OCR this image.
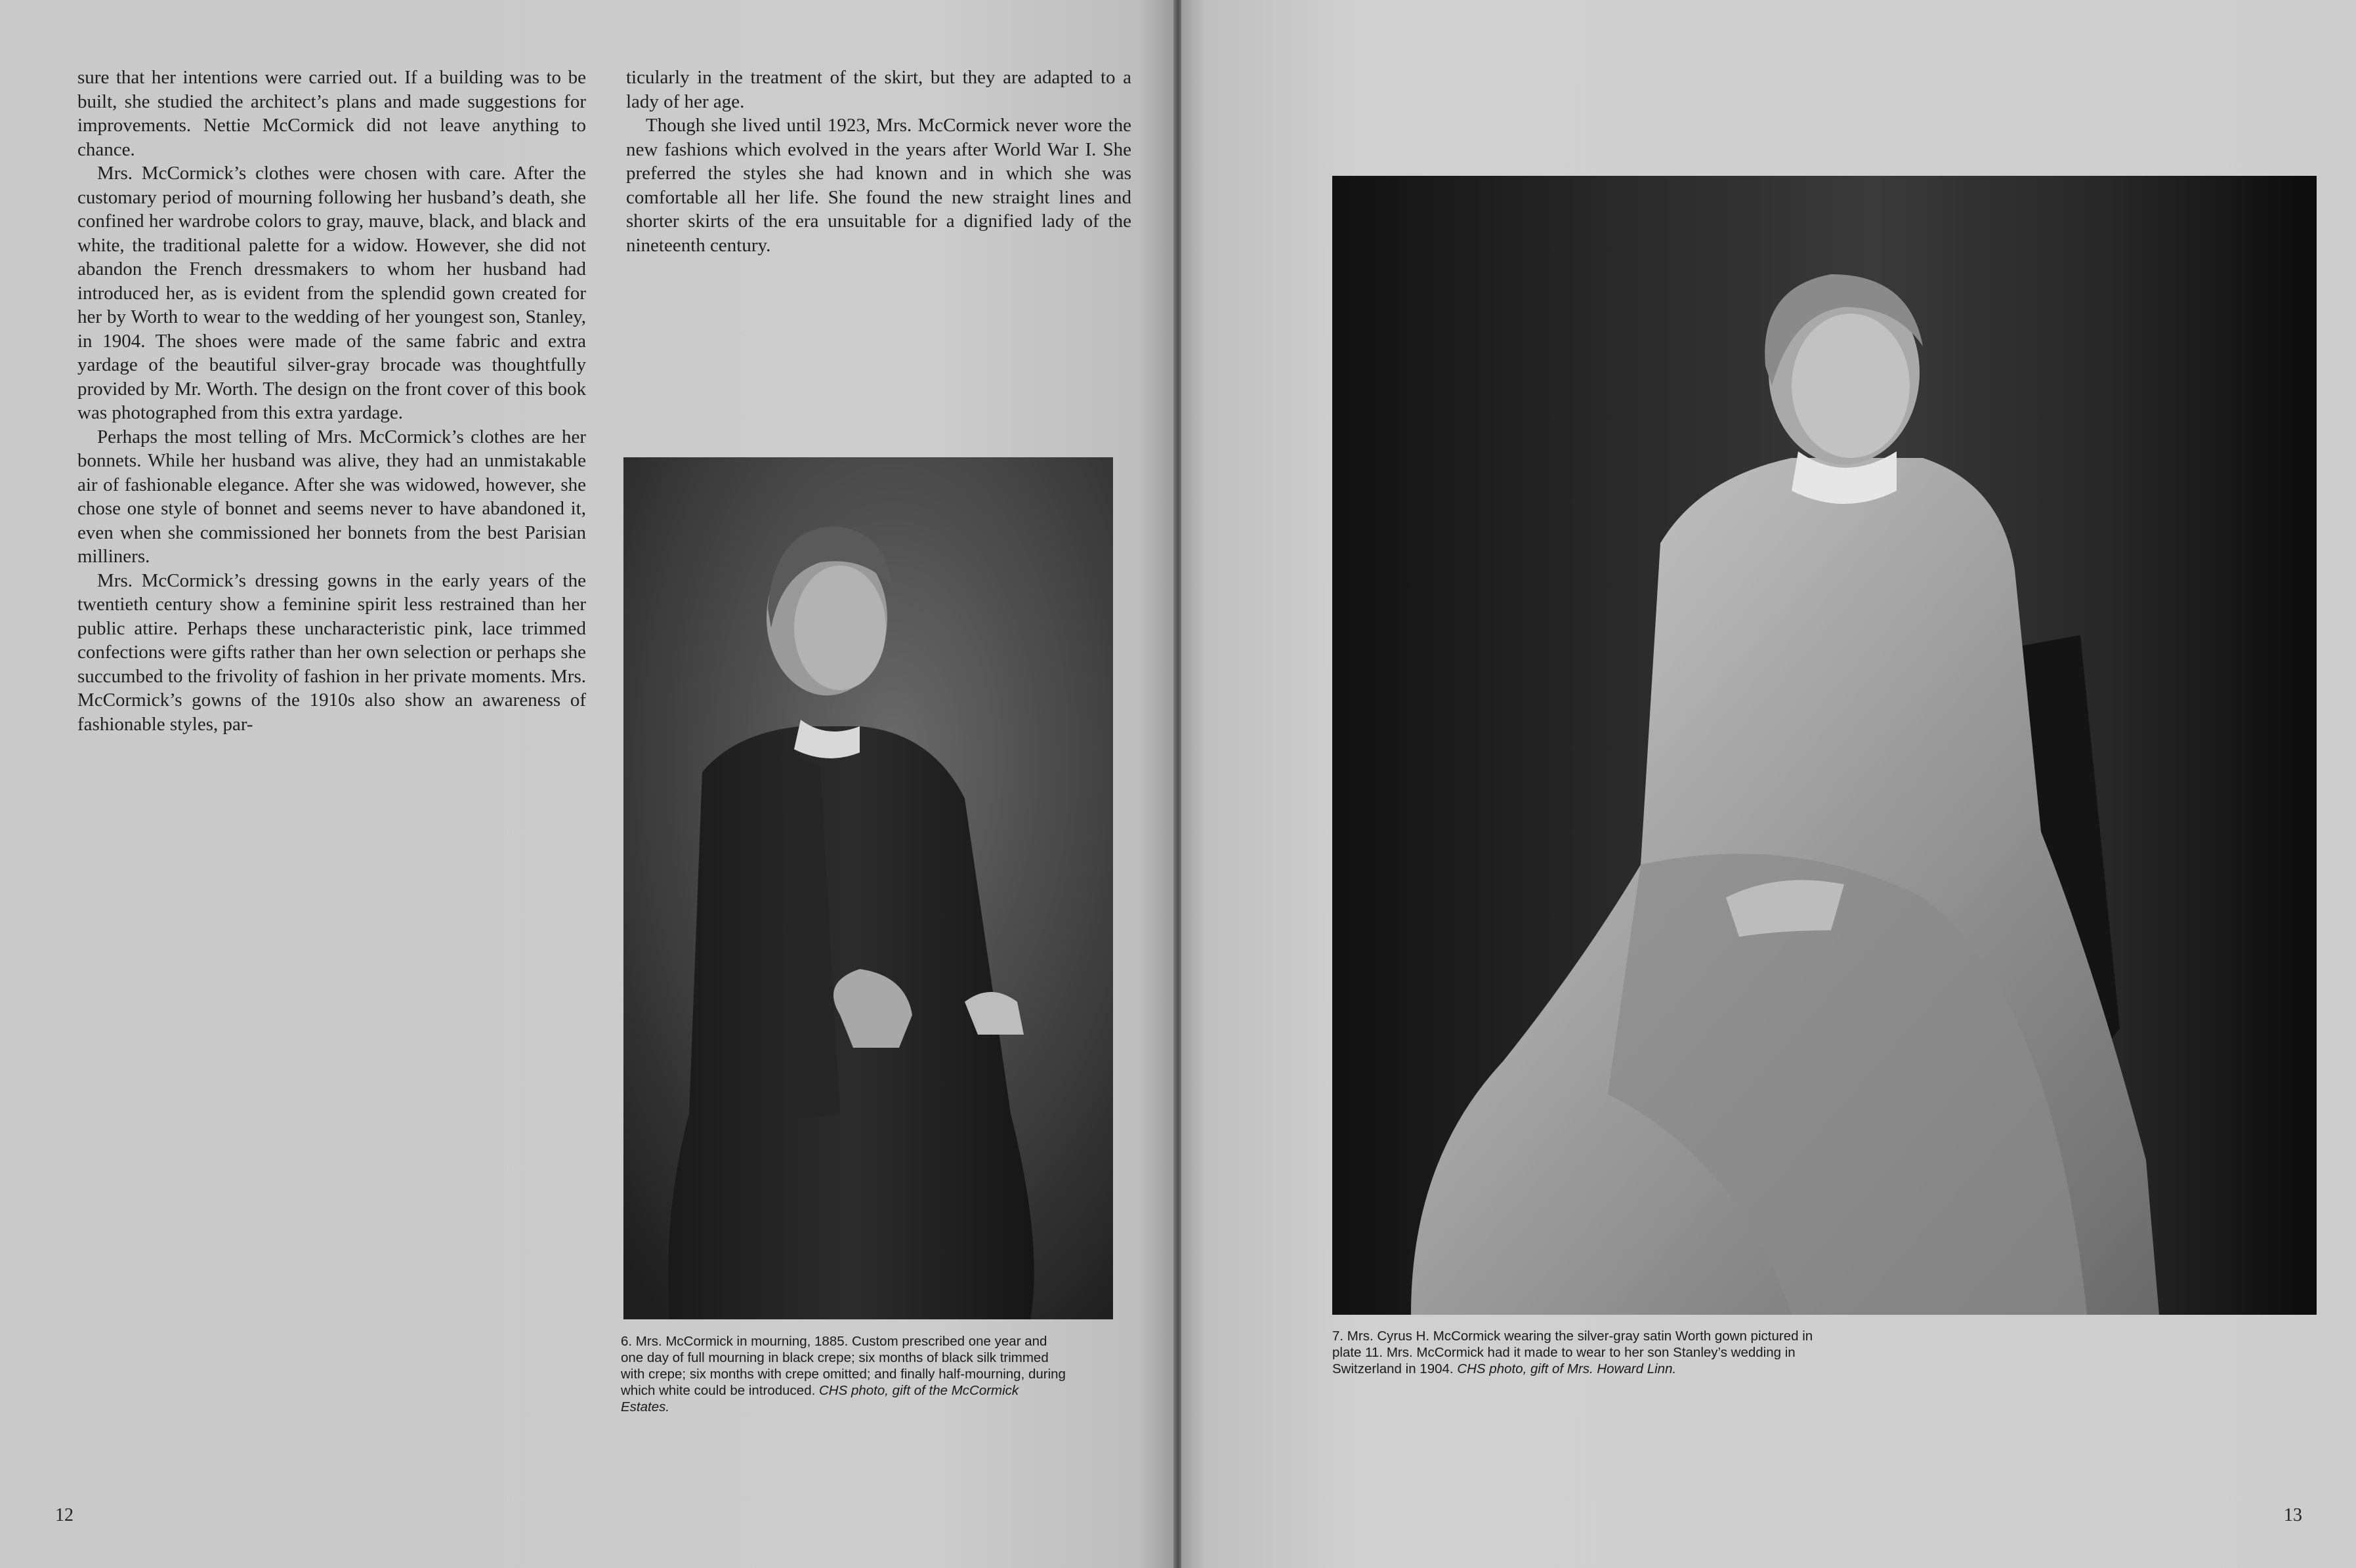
sure that her intentions were carried out. If a building was to be built, she studied the architect’s plans and made suggestions for improvements. Nettie McCormick did not leave anything to chance.

Mrs. McCormick’s clothes were chosen with care. After the customary period of mourning following her husband’s death, she confined her wardrobe colors to gray, mauve, black, and black and white, the traditional palette for a widow. However, she did not abandon the French dressmakers to whom her husband had introduced her, as is evident from the splendid gown created for her by Worth to wear to the wedding of her youngest son, Stanley, in 1904. The shoes were made of the same fabric and extra yardage of the beautiful silver-gray brocade was thoughtfully provided by Mr. Worth. The design on the front cover of this book was photographed from this extra yardage.

Perhaps the most telling of Mrs. McCormick’s clothes are her bonnets. While her husband was alive, they had an unmistakable air of fashionable elegance. After she was widowed, however, she chose one style of bonnet and seems never to have abandoned it, even when she commissioned her bonnets from the best Parisian milliners.

Mrs. McCormick’s dressing gowns in the early years of the twentieth century show a feminine spirit less restrained than her public attire. Perhaps these uncharacteristic pink, lace trimmed confections were gifts rather than her own selection or perhaps she succumbed to the frivolity of fashion in her private moments. Mrs. McCormick’s gowns of the 1910s also show an awareness of fashionable styles, par-

ticularly in the treatment of the skirt, but they are adapted to a lady of her age.

Though she lived until 1923, Mrs. McCormick never wore the new fashions which evolved in the years after World War I. She preferred the styles she had known and in which she was comfortable all her life. She found the new straight lines and shorter skirts of the era unsuitable for a dignified lady of the nineteenth century.

6. Mrs. McCormick in mourning, 1885. Custom prescribed one year and one day of full mourning in black crepe; six months of black silk trimmed with crepe; six months with crepe omitted; and finally half-mourning, during which white could be introduced. CHS photo, gift of the McCormick Estates.

12	13

7. Mrs. Cyrus H. McCormick wearing the silver-gray satin Worth gown pictured in plate 11. Mrs. McCormick had it made to wear to her son Stanley’s wedding in Switzerland in 1904. CHS photo, gift of Mrs. Howard Linn.
